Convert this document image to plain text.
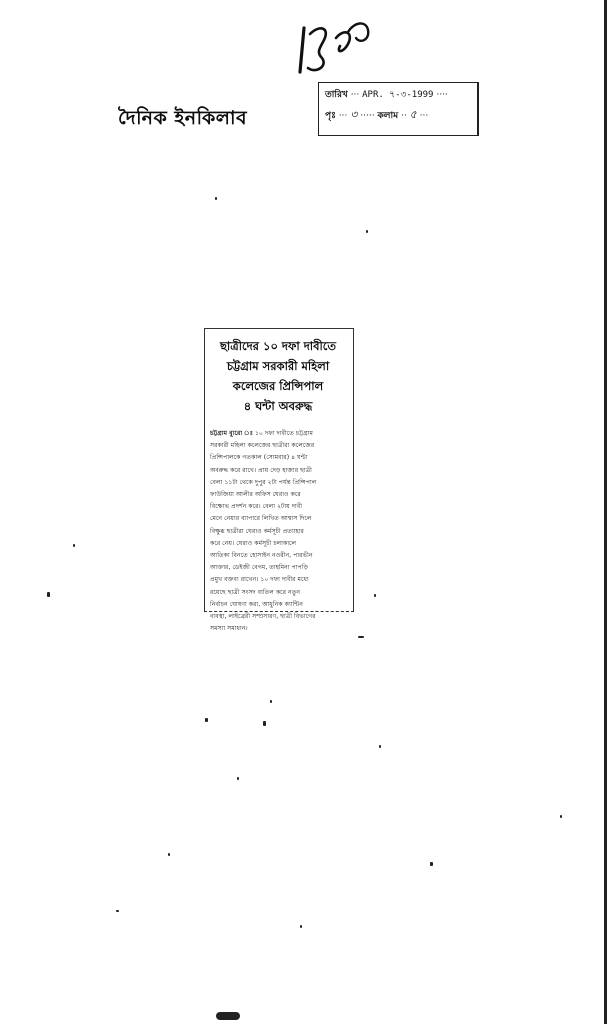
দৈনিক ইনকিলাব
তারিখ ··· APR. ৭-৩-1999 ····
পৃঃ ··· ৩ ····· কলাম ·· ৫ ···
ছাত্রীদের ১০ দফা দাবীতে
চট্টগ্রাম সরকারী মহিলা
কলেজের প্রিন্সিপাল
৪ ঘন্টা অবরুদ্ধ
চট্টগ্রাম ব্যুরো ঃ ১০ দফা দাবীতে চট্টগ্রাম
সরকারী মহিলা কলেজের ছাত্রীরা কলেজের
প্রিন্সিপালকে গতকাল (সোমবার) ৪ ঘন্টা
অবরুদ্ধ করে রাখে। প্রায় দেড় হাজার ছাত্রী
বেলা ১১টা থেকে দুপুর ২টা পর্যন্ত প্রিন্সিপাল
ফাউজিয়া আলীর অফিস ঘেরাও করে
বিক্ষোভ প্রদর্শন করে। বেলা ২টায় দাবী
মেনে নেয়ার ব্যাপারে লিখিত আশ্বাস দিলে
বিক্ষুব্ধ ছাত্রীরা ঘেরাও কর্মসূচী প্রত্যাহার
করে নেয়। ঘেরাও কর্মসূচী চলাকালে
আতিকা বিনতে হোসাইন নওরীন, পারভীন
আক্তার, ডেইজী বেগম, তাহমিনা পাপড়ি
প্রমুখ বক্তব্য রাখেন। ১০ দফা দাবীর মধ্যে
রয়েছে ছাত্রী সংসদ বাতিল করে নতুন
নির্বাচন ঘোষণা করা, আধুনিক ক্যান্টিন
ব্যবস্থা, লাইব্রেরী সম্প্রসারণ, ছাত্রী বিভাগের
সমস্যা সমাধান।
